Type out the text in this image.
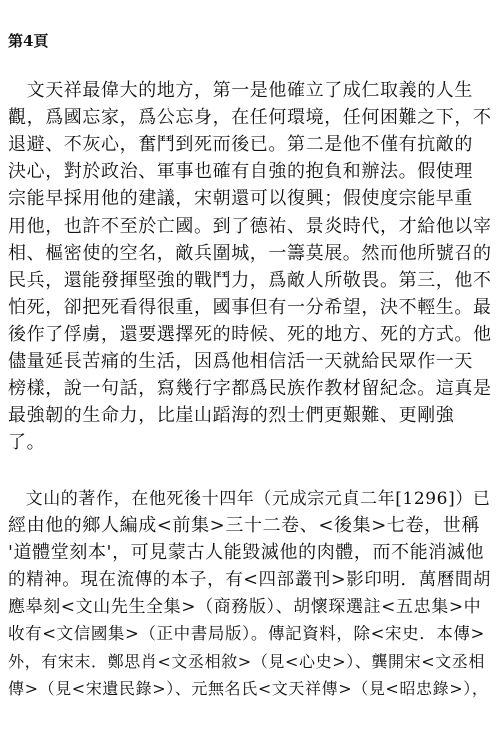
第4頁
　文天祥最偉大的地方，第一是他確立了成仁取義的人生
觀，爲國忘家，爲公忘身，在任何環境，任何困難之下，不
退避、不灰心，奮鬥到死而後已。第二是他不僅有抗敵的
決心，對於政治、軍事也確有自強的抱負和辦法。假使理
宗能早採用他的建議，宋朝還可以復興；假使度宗能早重
用他，也許不至於亡國。到了德祐、景炎時代，才給他以宰
相、樞密使的空名，敵兵圍城，一籌莫展。然而他所號召的
民兵，還能發揮堅強的戰鬥力，爲敵人所敬畏。第三，他不
怕死，卻把死看得很重，國事但有一分希望，決不輕生。最
後作了俘虜，還要選擇死的時候、死的地方、死的方式。他
儘量延長苦痛的生活，因爲他相信活一天就給民眾作一天
榜樣，說一句話，寫幾行字都爲民族作教材留紀念。這真是
最強韌的生命力，比崖山蹈海的烈士們更艱難、更剛強
了。
　文山的著作，在他死後十四年（元成宗元貞二年[1296]）已
經由他的鄉人編成<前集>三十二卷、<後集>七卷，世稱
'道體堂刻本'，可見蒙古人能毀滅他的肉體，而不能消滅他
的精神。現在流傳的本子，有<四部叢刊>影印明．萬曆間胡
應皋刻<文山先生全集>（商務版）、胡懷琛選註<五忠集>中
收有<文信國集>（正中書局版）。傳記資料，除<宋史．本傳>
外，有宋末．鄭思肖<文丞相敘>（見<心史>）、龔開宋<文丞相
傳>（見<宋遺民錄>）、元無名氏<文天祥傳>（見<昭忠錄>），
